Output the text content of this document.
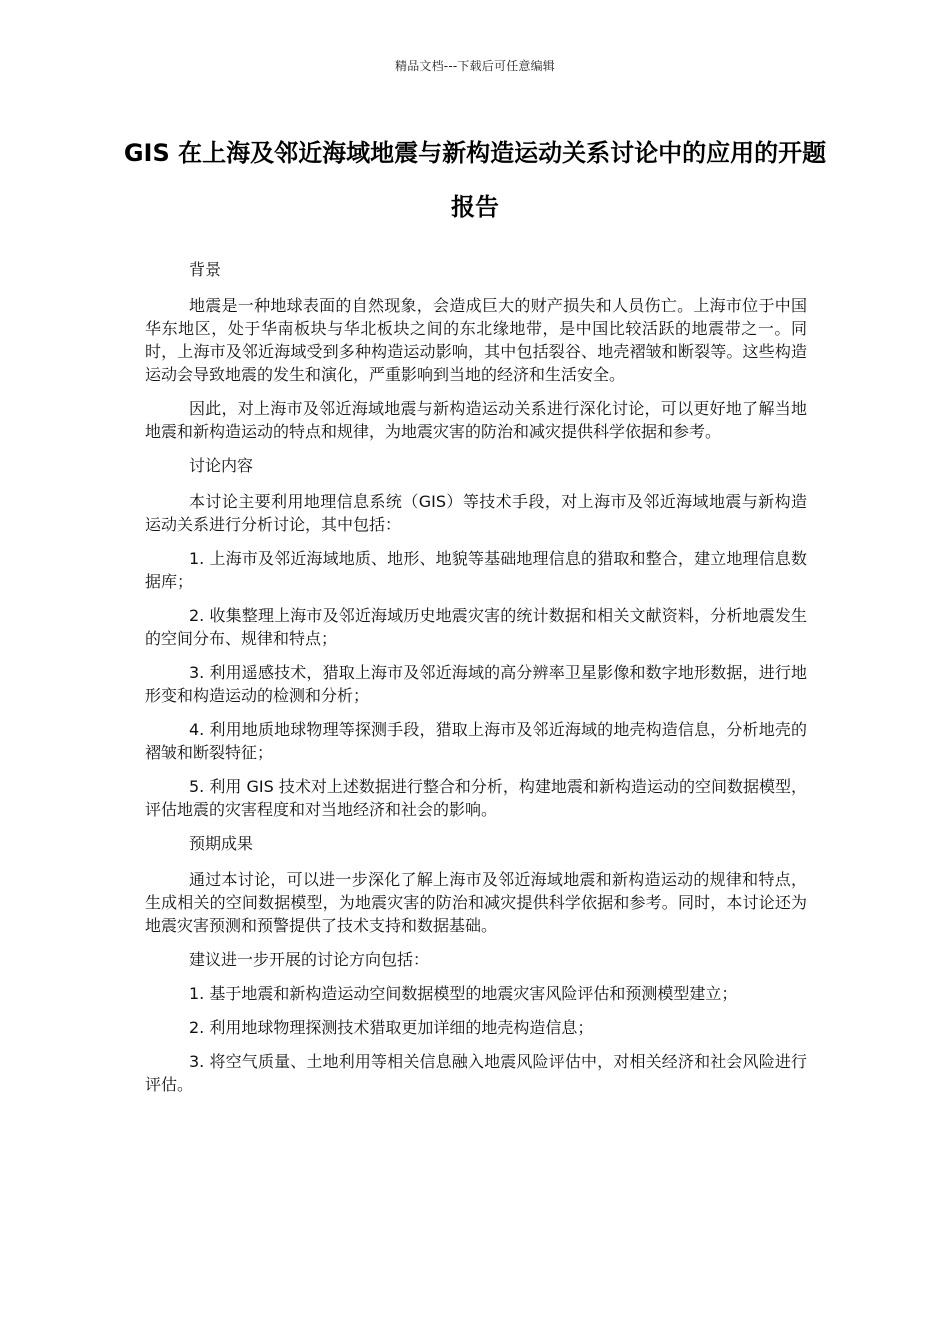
精品文档---下载后可任意编辑
GIS 在上海及邻近海域地震与新构造运动关系讨论中的应用的开题报告

背景

地震是一种地球表面的自然现象，会造成巨大的财产损失和人员伤亡。上海市位于中国华东地区，处于华南板块与华北板块之间的东北缘地带，是中国比较活跃的地震带之一。同时，上海市及邻近海域受到多种构造运动影响，其中包括裂谷、地壳褶皱和断裂等。这些构造运动会导致地震的发生和演化，严重影响到当地的经济和生活安全。

因此，对上海市及邻近海域地震与新构造运动关系进行深化讨论，可以更好地了解当地地震和新构造运动的特点和规律，为地震灾害的防治和减灾提供科学依据和参考。

讨论内容

本讨论主要利用地理信息系统（GIS）等技术手段，对上海市及邻近海域地震与新构造运动关系进行分析讨论，其中包括：

1. 上海市及邻近海域地质、地形、地貌等基础地理信息的猎取和整合，建立地理信息数据库；

2. 收集整理上海市及邻近海域历史地震灾害的统计数据和相关文献资料，分析地震发生的空间分布、规律和特点；

3. 利用遥感技术，猎取上海市及邻近海域的高分辨率卫星影像和数字地形数据，进行地形变和构造运动的检测和分析；

4. 利用地质地球物理等探测手段，猎取上海市及邻近海域的地壳构造信息，分析地壳的褶皱和断裂特征；

5. 利用 GIS 技术对上述数据进行整合和分析，构建地震和新构造运动的空间数据模型，评估地震的灾害程度和对当地经济和社会的影响。

预期成果

通过本讨论，可以进一步深化了解上海市及邻近海域地震和新构造运动的规律和特点，生成相关的空间数据模型，为地震灾害的防治和减灾提供科学依据和参考。同时，本讨论还为地震灾害预测和预警提供了技术支持和数据基础。

建议进一步开展的讨论方向包括：

1. 基于地震和新构造运动空间数据模型的地震灾害风险评估和预测模型建立；

2. 利用地球物理探测技术猎取更加详细的地壳构造信息；

3. 将空气质量、土地利用等相关信息融入地震风险评估中，对相关经济和社会风险进行评估。
